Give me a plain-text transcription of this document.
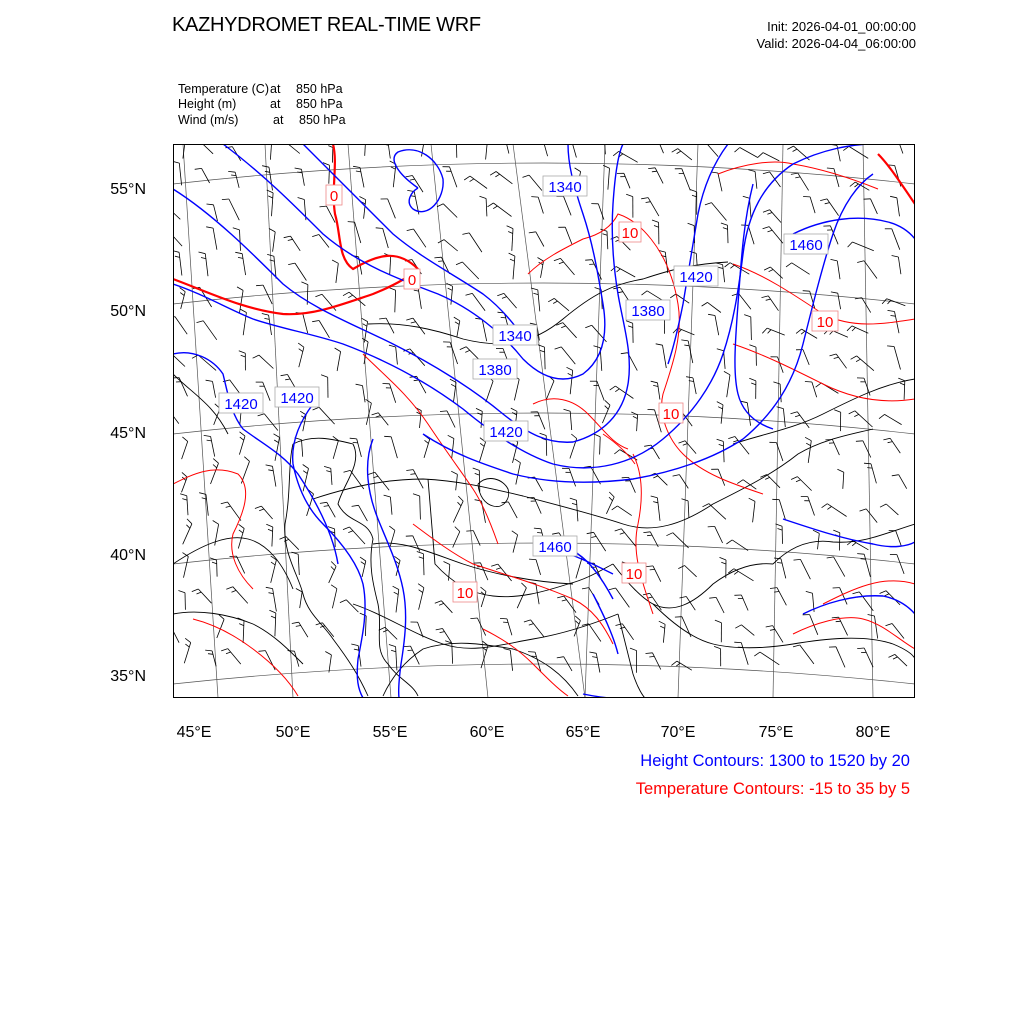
KAZHYDROMET REAL-TIME WRF	Init: 2026-04-01_00:00:00
Valid: 2026-04-04_06:00:00
Temperature (C)at 850 hPa
Height (m)	at 850 hPa
Wind (m/s)	at 850 hPa
55°N
50°N
45°N
40°N
35°N
45°E	50°E	55°E	60°E	65°E	70°E	75°E	80°E
1340
1460
1420
1380
1340
1380
1420 1420
1420
1460
0
10
0
10
10
10
10
Height Contours: 1300 to 1520 by 20
Temperature Contours: -15 to 35 by 5
